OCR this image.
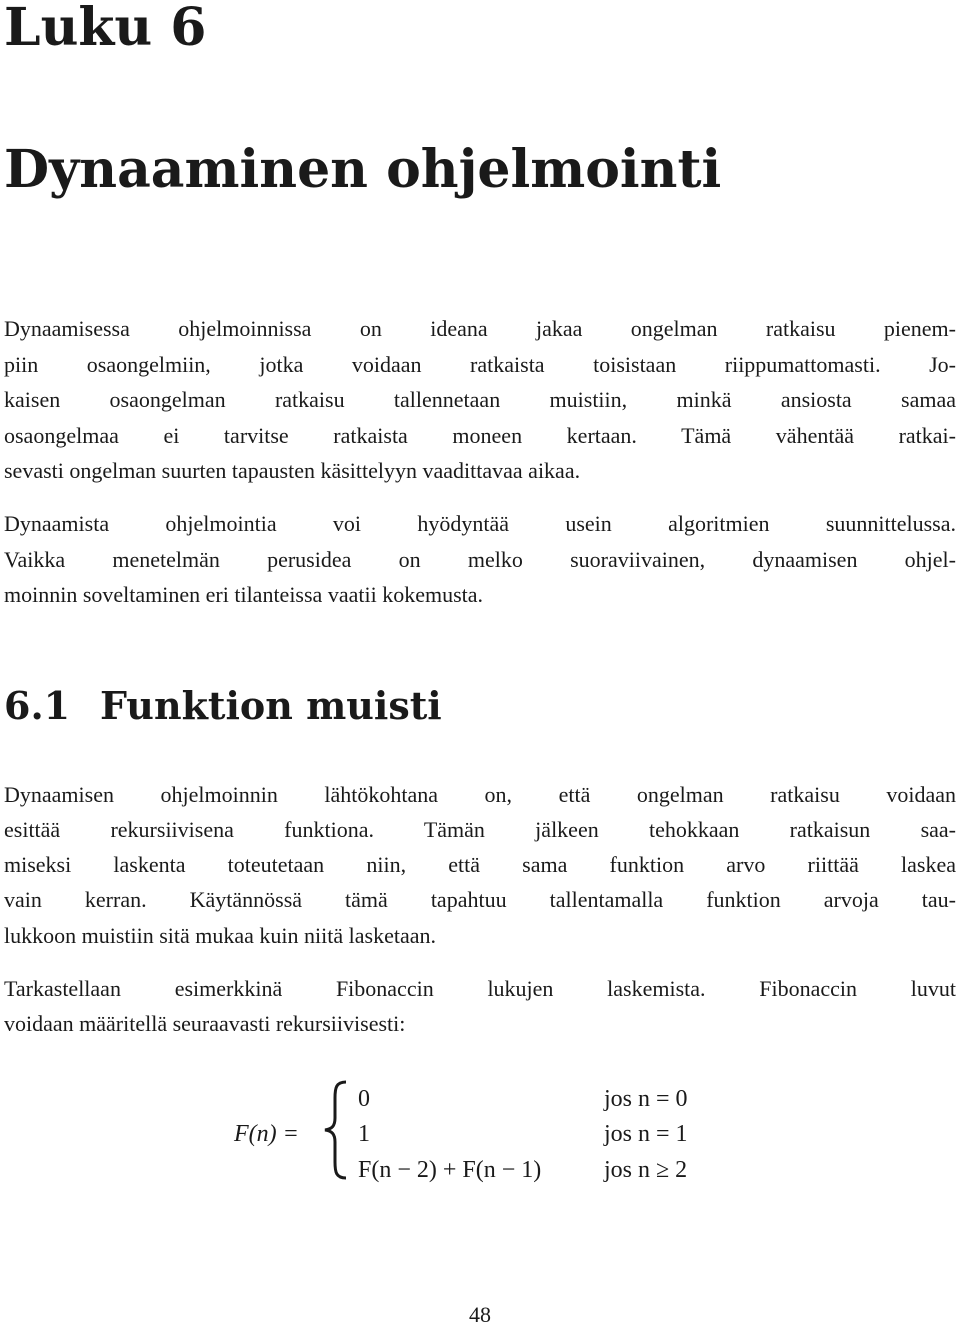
Luku 6
Dynaaminen ohjelmointi
Dynaamisessa ohjelmoinnissa on ideana jakaa ongelman ratkaisu pienem-
piin osaongelmiin, jotka voidaan ratkaista toisistaan riippumattomasti. Jo-
kaisen osaongelman ratkaisu tallennetaan muistiin, minkä ansiosta samaa
osaongelmaa ei tarvitse ratkaista moneen kertaan. Tämä vähentää ratkai-
sevasti ongelman suurten tapausten käsittelyyn vaadittavaa aikaa.
Dynaamista ohjelmointia voi hyödyntää usein algoritmien suunnittelussa.
Vaikka menetelmän perusidea on melko suoraviivainen, dynaamisen ohjel-
moinnin soveltaminen eri tilanteissa vaatii kokemusta.
6.1 Funktion muisti
Dynaamisen ohjelmoinnin lähtökohtana on, että ongelman ratkaisu voidaan
esittää rekursiivisena funktiona. Tämän jälkeen tehokkaan ratkaisun saa-
miseksi laskenta toteutetaan niin, että sama funktion arvo riittää laskea
vain kerran. Käytännössä tämä tapahtuu tallentamalla funktion arvoja tau-
lukkoon muistiin sitä mukaa kuin niitä lasketaan.
Tarkastellaan esimerkkinä Fibonaccin lukujen laskemista. Fibonaccin luvut
voidaan määritellä seuraavasti rekursiivisesti:
F(n) =
0	jos n = 0
1	jos n = 1
F(n − 2) + F(n − 1)	jos n ≥ 2
48
